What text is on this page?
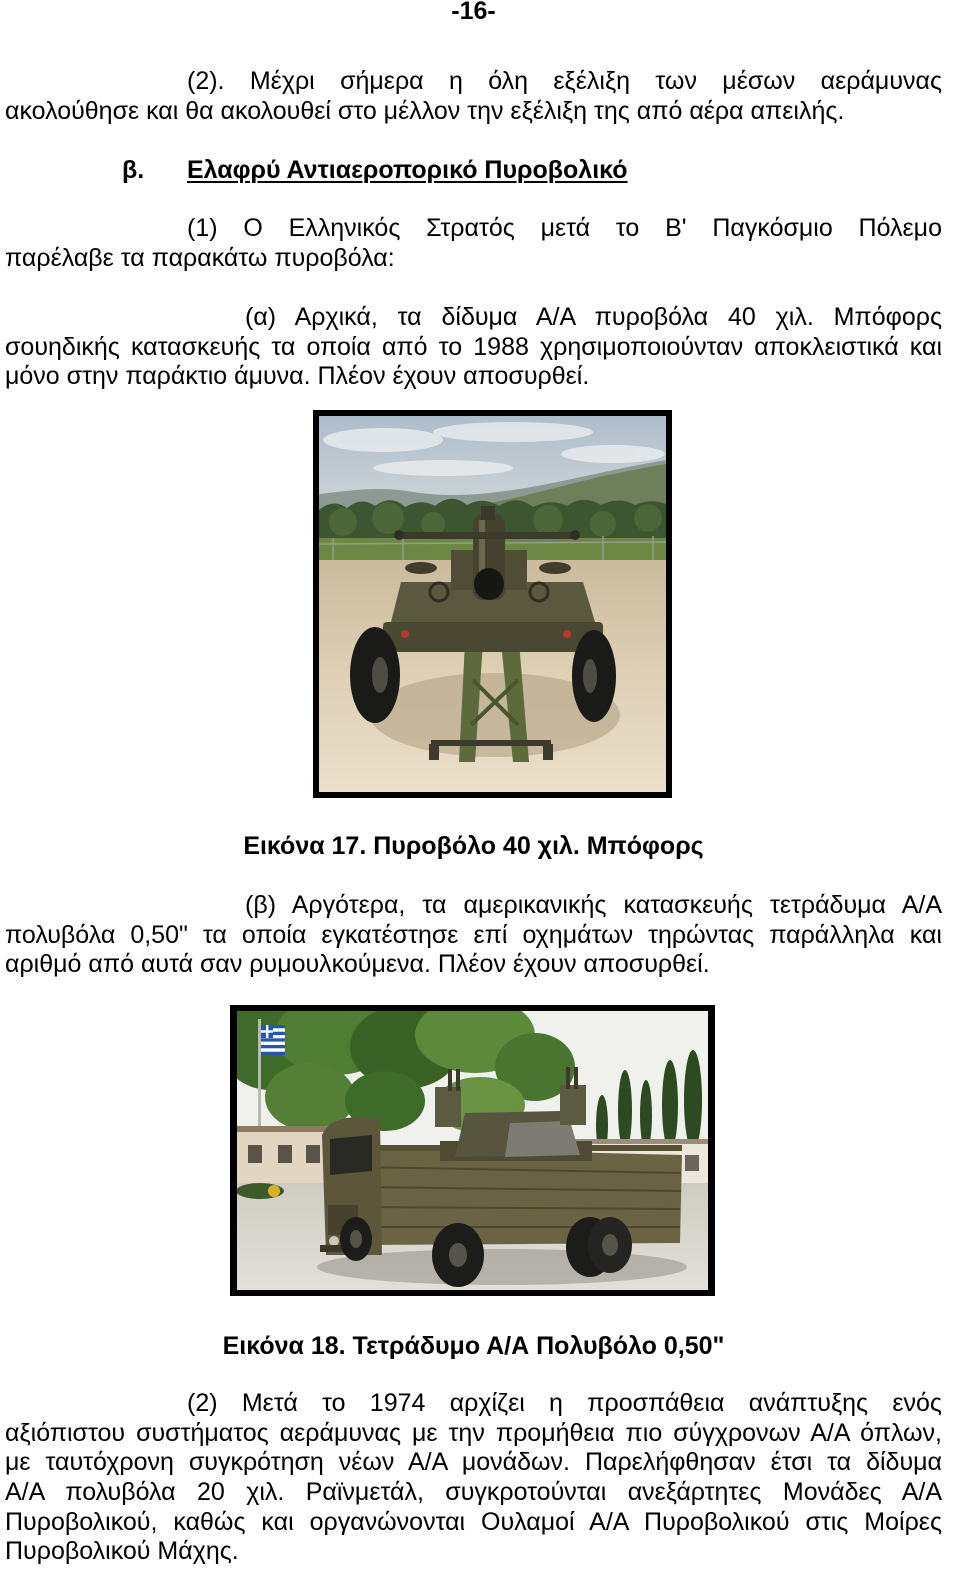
-16-
(2). Μέχρι σήμερα η όλη εξέλιξη των μέσων αεράμυνας
ακολούθησε και θα ακολουθεί στο μέλλον την εξέλιξη της από αέρα απειλής.
β. Ελαφρύ Αντιαεροπορικό Πυροβολικό
(1) Ο Ελληνικός Στρατός μετά το Β' Παγκόσμιο Πόλεμο
παρέλαβε τα παρακάτω πυροβόλα:
(α) Αρχικά, τα δίδυμα Α/Α πυροβόλα 40 χιλ. Μπόφορς
σουηδικής κατασκευής τα οποία από το 1988 χρησιμοποιούνταν αποκλειστικά και
μόνο στην παράκτιο άμυνα. Πλέον έχουν αποσυρθεί.
Εικόνα 17. Πυροβόλο 40 χιλ. Μπόφορς
(β) Αργότερα, τα αμερικανικής κατασκευής τετράδυμα Α/Α
πολυβόλα 0,50" τα οποία εγκατέστησε επί οχημάτων τηρώντας παράλληλα και
αριθμό από αυτά σαν ρυμουλκούμενα. Πλέον έχουν αποσυρθεί.
Εικόνα 18. Τετράδυμο Α/Α Πολυβόλο 0,50"
(2) Μετά το 1974 αρχίζει η προσπάθεια ανάπτυξης ενός
αξιόπιστου συστήματος αεράμυνας με την προμήθεια πιο σύγχρονων Α/Α όπλων,
με ταυτόχρονη συγκρότηση νέων Α/Α μονάδων. Παρελήφθησαν έτσι τα δίδυμα
Α/Α πολυβόλα 20 χιλ. Ραϊνμετάλ, συγκροτούνται ανεξάρτητες Μονάδες Α/Α
Πυροβολικού, καθώς και οργανώνονται Ουλαμοί Α/Α Πυροβολικού στις Μοίρες
Πυροβολικού Μάχης.
